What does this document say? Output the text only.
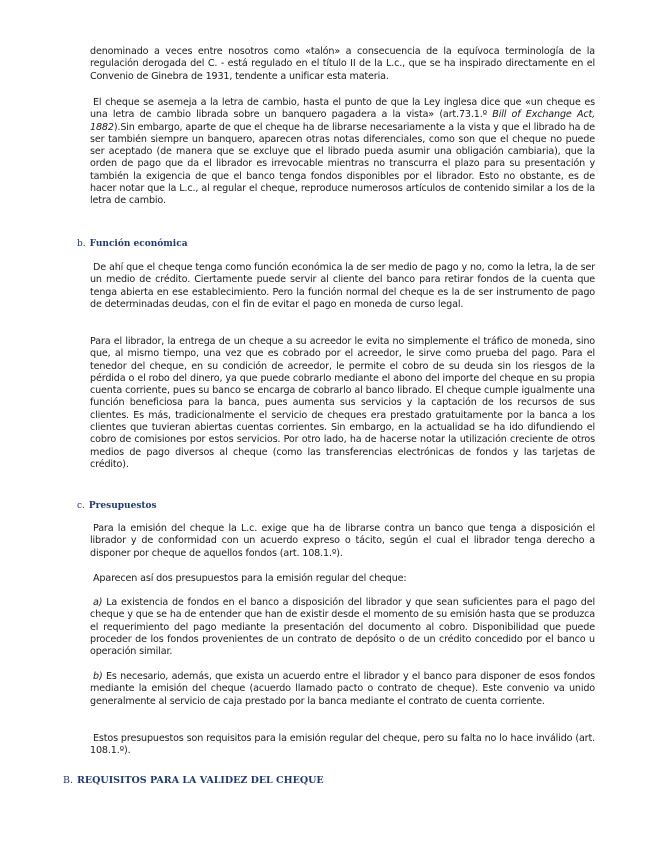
denominado a veces entre nosotros como «talón» a consecuencia de la equívoca terminología de la regulación derogada del C. - está regulado en el título II de la L.c., que se ha inspirado directamente en el Convenio de Ginebra de 1931, tendente a unificar esta materia.

El cheque se asemeja a la letra de cambio, hasta el punto de que la Ley inglesa dice que «un cheque es una letra de cambio librada sobre un banquero pagadera a la vista» (art.73.1.º Bill of Exchange Act, 1882).Sin embargo, aparte de que el cheque ha de librarse necesariamente a la vista y que el librado ha de ser también siempre un banquero, aparecen otras notas diferenciales, como son que el cheque no puede ser aceptado (de manera que se excluye que el librado pueda asumir una obligación cambiaria), que la orden de pago que da el librador es irrevocable mientras no transcurra el plazo para su presentación y también la exigencia de que el banco tenga fondos disponibles por el librador. Esto no obstante, es de hacer notar que la L.c., al regular el cheque, reproduce numerosos artículos de contenido similar a los de la letra de cambio.

b. Función económica

De ahí que el cheque tenga como función económica la de ser medio de pago y no, como la letra, la de ser un medio de crédito. Ciertamente puede servir al cliente del banco para retirar fondos de la cuenta que tenga abierta en ese establecimiento. Pero la función normal del cheque es la de ser instrumento de pago de determinadas deudas, con el fin de evitar el pago en moneda de curso legal.

Para el librador, la entrega de un cheque a su acreedor le evita no simplemente el tráfico de moneda, sino que, al mismo tiempo, una vez que es cobrado por el acreedor, le sirve como prueba del pago. Para el tenedor del cheque, en su condición de acreedor, le permite el cobro de su deuda sin los riesgos de la pérdida o el robo del dinero, ya que puede cobrarlo mediante el abono del importe del cheque en su propia cuenta corriente, pues su banco se encarga de cobrarlo al banco librado. El cheque cumple igualmente una función beneficiosa para la banca, pues aumenta sus servicios y la captación de los recursos de sus clientes. Es más, tradicionalmente el servicio de cheques era prestado gratuitamente por la banca a los clientes que tuvieran abiertas cuentas corrientes. Sin embargo, en la actualidad se ha ido difundiendo el cobro de comisiones por estos servicios. Por otro lado, ha de hacerse notar la utilización creciente de otros medios de pago diversos al cheque (como las transferencias electrónicas de fondos y las tarjetas de crédito).

c. Presupuestos

Para la emisión del cheque la L.c. exige que ha de librarse contra un banco que tenga a disposición el librador y de conformidad con un acuerdo expreso o tácito, según el cual el librador tenga derecho a disponer por cheque de aquellos fondos (art. 108.1.º).

Aparecen así dos presupuestos para la emisión regular del cheque:

a) La existencia de fondos en el banco a disposición del librador y que sean suficientes para el pago del cheque y que se ha de entender que han de existir desde el momento de su emisión hasta que se produzca el requerimiento del pago mediante la presentación del documento al cobro. Disponibilidad que puede proceder de los fondos provenientes de un contrato de depósito o de un crédito concedido por el banco u operación similar.

b) Es necesario, además, que exista un acuerdo entre el librador y el banco para disponer de esos fondos mediante la emisión del cheque (acuerdo llamado pacto o contrato de cheque). Este convenio va unido generalmente al servicio de caja prestado por la banca mediante el contrato de cuenta corriente.

Estos presupuestos son requisitos para la emisión regular del cheque, pero su falta no lo hace inválido (art. 108.1.º).

B. REQUISITOS PARA LA VALIDEZ DEL CHEQUE
